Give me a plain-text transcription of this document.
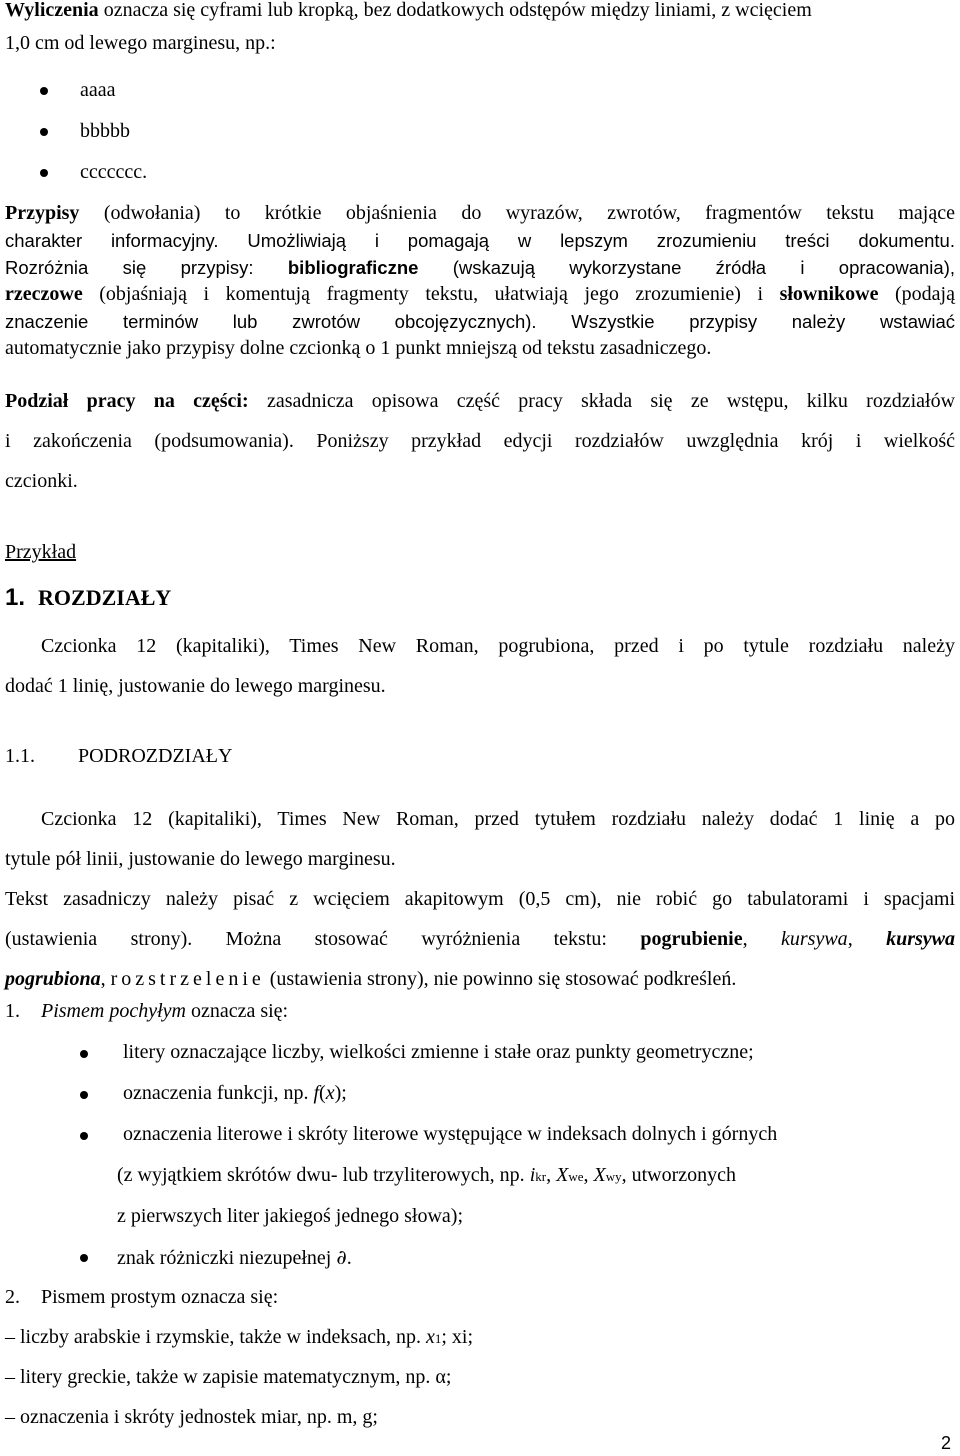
Wyliczenia oznacza się cyframi lub kropką, bez dodatkowych odstępów między liniami, z wcięciem
1,0 cm od lewego marginesu, np.:
aaaa
bbbbb
ccccccc.
Przypisy (odwołania) to krótkie objaśnienia do wyrazów, zwrotów, fragmentów tekstu mające
charakter informacyjny. Umożliwiają i pomagają w lepszym zrozumieniu treści dokumentu.
Rozróżnia się przypisy: bibliograficzne (wskazują wykorzystane źródła i opracowania),
rzeczowe (objaśniają i komentują fragmenty tekstu, ułatwiają jego zrozumienie) i słownikowe (podają
znaczenie terminów lub zwrotów obcojęzycznych). Wszystkie przypisy należy wstawiać
automatycznie jako przypisy dolne czcionką o 1 punkt mniejszą od tekstu zasadniczego.
Podział pracy na części: zasadnicza opisowa część pracy składa się ze wstępu, kilku rozdziałów
i zakończenia (podsumowania). Poniższy przykład edycji rozdziałów uwzględnia krój i wielkość
czcionki.
Przykład
1. ROZDZIAŁY
Czcionka 12 (kapitaliki), Times New Roman, pogrubiona, przed i po tytule rozdziału należy
dodać 1 linię, justowanie do lewego marginesu.
1.1. PODROZDZIAŁY
Czcionka 12 (kapitaliki), Times New Roman, przed tytułem rozdziału należy dodać 1 linię a po
tytule pół linii, justowanie do lewego marginesu.
Tekst zasadniczy należy pisać z wcięciem akapitowym (0,5 cm), nie robić go tabulatorami i spacjami
(ustawienia strony). Można stosować wyróżnienia tekstu: pogrubienie, kursywa, kursywa
pogrubiona, rozstrzelenie (ustawienia strony), nie powinno się stosować podkreśleń.
1. Pismem pochyłym oznacza się:
litery oznaczające liczby, wielkości zmienne i stałe oraz punkty geometryczne;
oznaczenia funkcji, np. f(x);
oznaczenia literowe i skróty literowe występujące w indeksach dolnych i górnych
(z wyjątkiem skrótów dwu- lub trzyliterowych, np. ikr, Xwe, Xwy, utworzonych
z pierwszych liter jakiegoś jednego słowa);
znak różniczki niezupełnej ∂.
2. Pismem prostym oznacza się:
– liczby arabskie i rzymskie, także w indeksach, np. x1; xi;
– litery greckie, także w zapisie matematycznym, np. α;
– oznaczenia i skróty jednostek miar, np. m, g;
2
